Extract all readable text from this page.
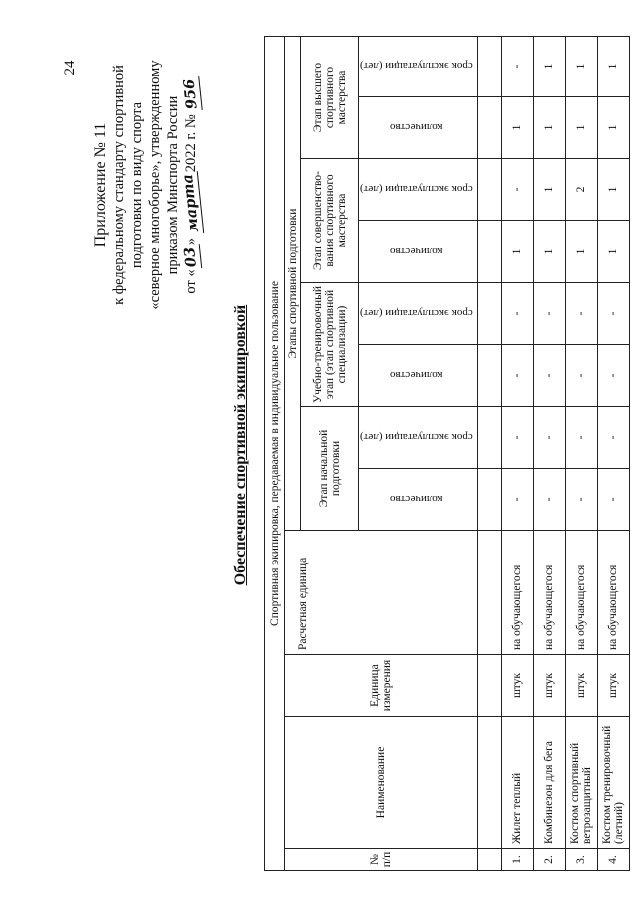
24
Приложение № 11 к федеральному стандарту спортивной подготовки по виду спорта «северное многоборье», утвержденному приказом Минспорта России
от «03» марта2022 г. № 956
Обеспечение спортивной экипировкой Спортивная экипировка, передаваемая в индивидуальное пользование											
№
п/п	Наименование	Единица измерения	Расчетная единица	Этапы спортивной подготовки							
				Этап начальной подготовки		Учебно-тренировочный этап (этап спортивной специализации)		Этап совершенство-вания спортивного мастерства		Этап высшего спортивного мастерства	
				количество	срок эксплуатации (лет)	количество	срок эксплуатации (лет)	количество	срок эксплуатации (лет)	количество	срок эксплуатации (лет)

1.	Жилет теплый	штук	на обучающегося	-	-	-	-	1	-	1	-
2.	Комбинезон для бега	штук	на обучающегося	-	-	-	-	1	1	1	1
3.	Костюм спортивный ветрозащитный	штук	на обучающегося	-	-	-	-	1	2	1	1
4.	Костюм тренировочный (летний)	штук	на обучающегося	-	-	-	-	1	1	1	1
